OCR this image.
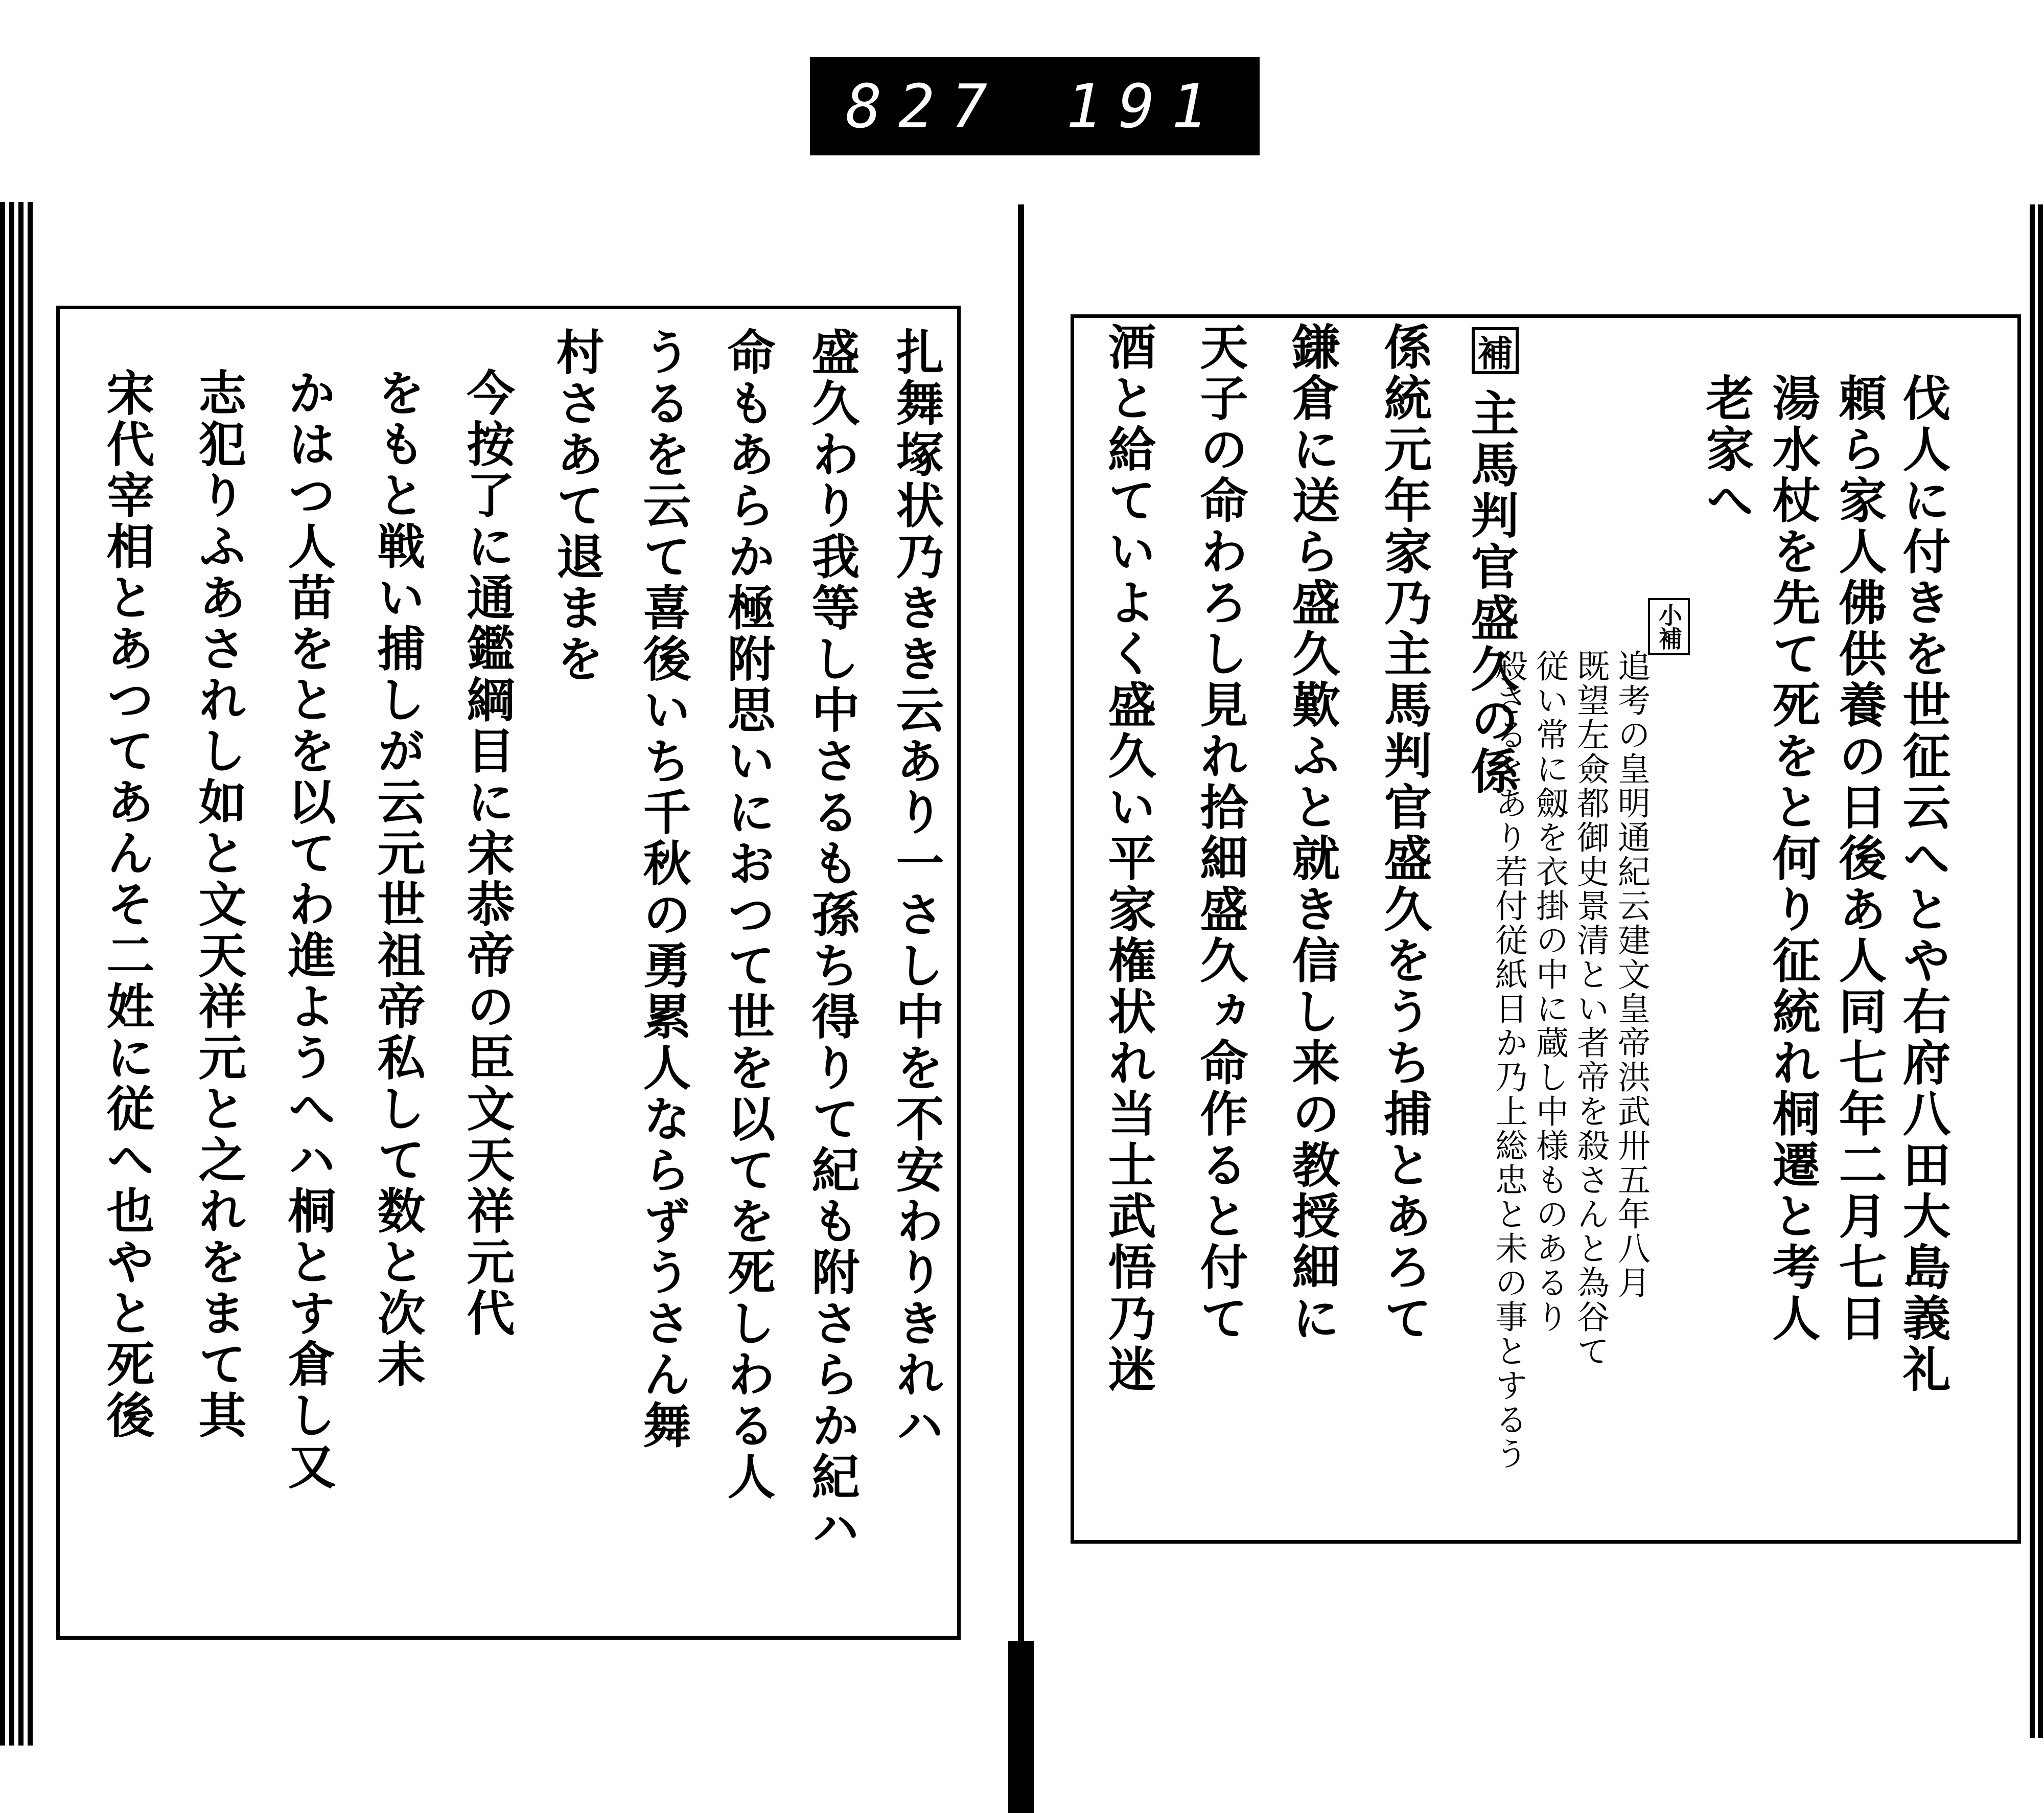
827 191
伐人に付きを世征云へとや右府八田大島義礼
頼ら家人佛供養の日後あ人同七年二月七日
湯水杖を先て死をと何り征統れ桐遷と考人
老家へ
小補
追考の皇明通紀云建文皇帝洪武卅五年八月
既望左僉都御史景清とい者帝を殺さんと為谷て
従い常に劔を衣掛の中に蔵し中様ものあるり
殺さるとあり若付従紙日か乃上総忠と未の事とするう
補
主馬判官盛久の係
係統元年家乃主馬判官盛久をうち捕とあろて
鎌倉に送ら盛久歎ふと就き信し来の教授細に
天子の命わろし見れ拾細盛久ヵ命作ると付て
酒と給ていよく盛久い平家権状れ当士武悟乃迷
扎舞塚状乃きき云あり一さし中を不安わりきれハ
盛久わり我等し中さるも孫ち得りて紀も附さらか紀ハ
命もあらか極附思いにおつて世を以てを死しわる人
うるを云て喜後いち千秋の勇累人ならずうさん舞
村さあて退まを
今按了に通鑑綱目に宋恭帝の臣文天祥元代
をもと戦い捕しが云元世祖帝私して数と次未
かはつ人苗をとを以てわ進ようへハ桐とす倉し又
志犯りふあされし如と文天祥元と之れをまて其
宋代宰相とあつてあんそ二姓に従へ也やと死後
